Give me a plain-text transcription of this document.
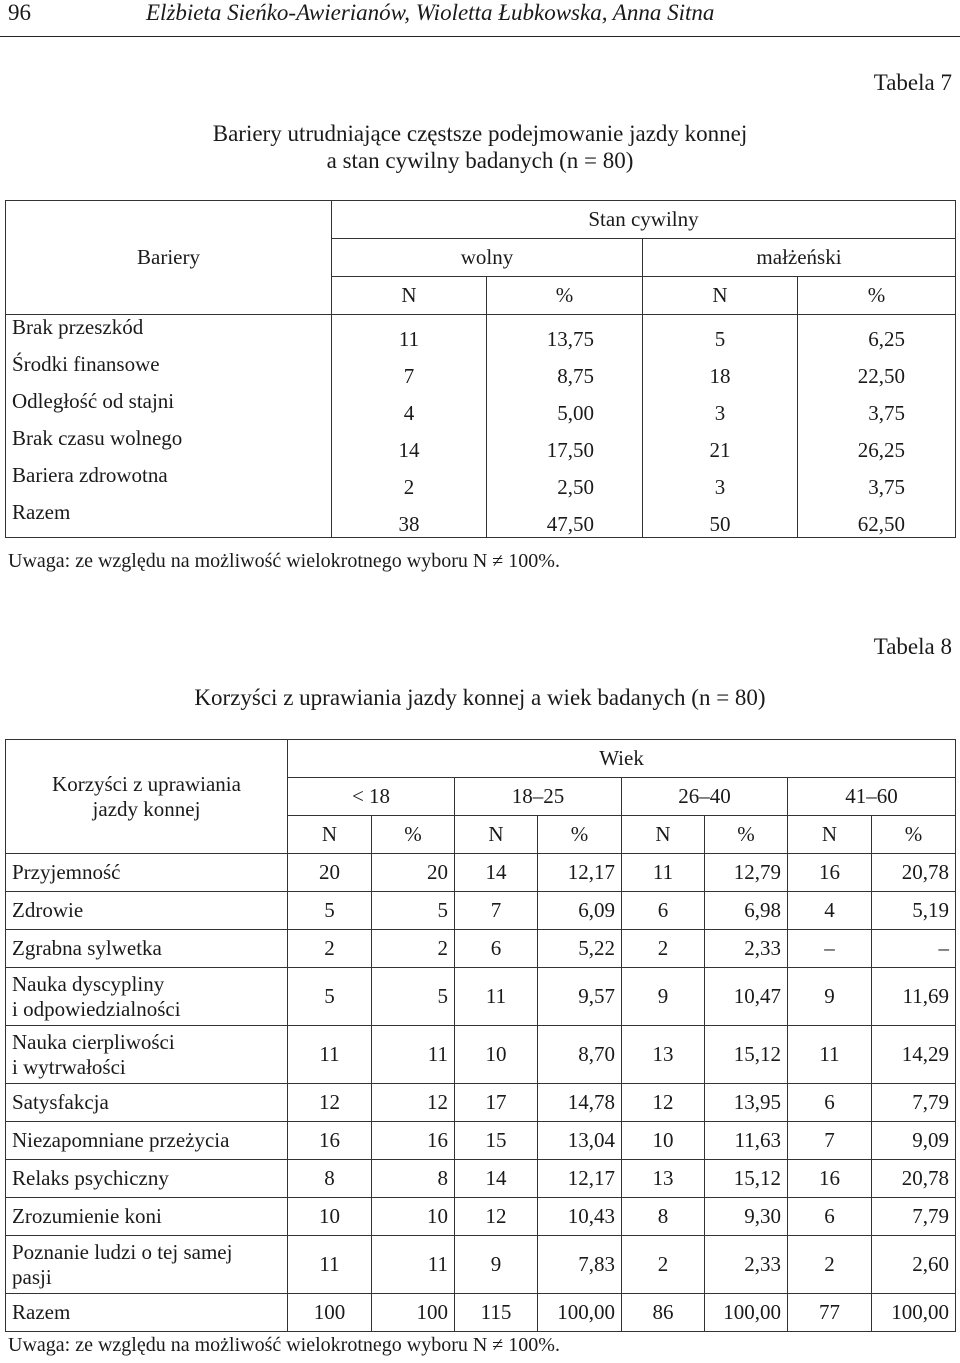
96	Elżbieta Sieńko-Awierianów, Wioletta Łubkowska, Anna Sitna
Tabela 7
Bariery utrudniające częstsze podejmowanie jazdy konnej
a stan cywilny badanych (n = 80)
Bariery	Stan cywilny			
	wolny		małżeński	
	N	%	N	%
Brak przeszkód	11	13,75	5	6,25
Środki finansowe	7	8,75	18	22,50
Odległość od stajni	4	5,00	3	3,75
Brak czasu wolnego	14	17,50	21	26,25
Bariera zdrowotna	2	2,50	3	3,75
Razem	38	47,50	50	62,50
Uwaga: ze względu na możliwość wielokrotnego wyboru N ≠ 100%.
Tabela 8
Korzyści z uprawiania jazdy konnej a wiek badanych (n = 80)
Korzyści z uprawiania
jazdy konnej	Wiek							
	< 18		18–25		26–40		41–60	
	N	%	N	%	N	%	N	%
Przyjemność	20	20	14	12,17	11	12,79	16	20,78
Zdrowie	5	5	7	6,09	6	6,98	4	5,19
Zgrabna sylwetka	2	2	6	5,22	2	2,33	–	–

Nauka dyscypliny
i odpowiedzialności	5	5	11	9,57	9	10,47	9	11,69

Nauka cierpliwości
i wytrwałości	11	11	10	8,70	13	15,12	11	14,29
Satysfakcja	12	12	17	14,78	12	13,95	6	7,79
Niezapomniane przeżycia	16	16	15	13,04	10	11,63	7	9,09
Relaks psychiczny	8	8	14	12,17	13	15,12	16	20,78
Zrozumienie koni	10	10	12	10,43	8	9,30	6	7,79

Poznanie ludzi o tej samej
pasji	11	11	9	7,83	2	2,33	2	2,60
Razem	100	100	115	100,00	86	100,00	77	100,00
Uwaga: ze względu na możliwość wielokrotnego wyboru N ≠ 100%.
